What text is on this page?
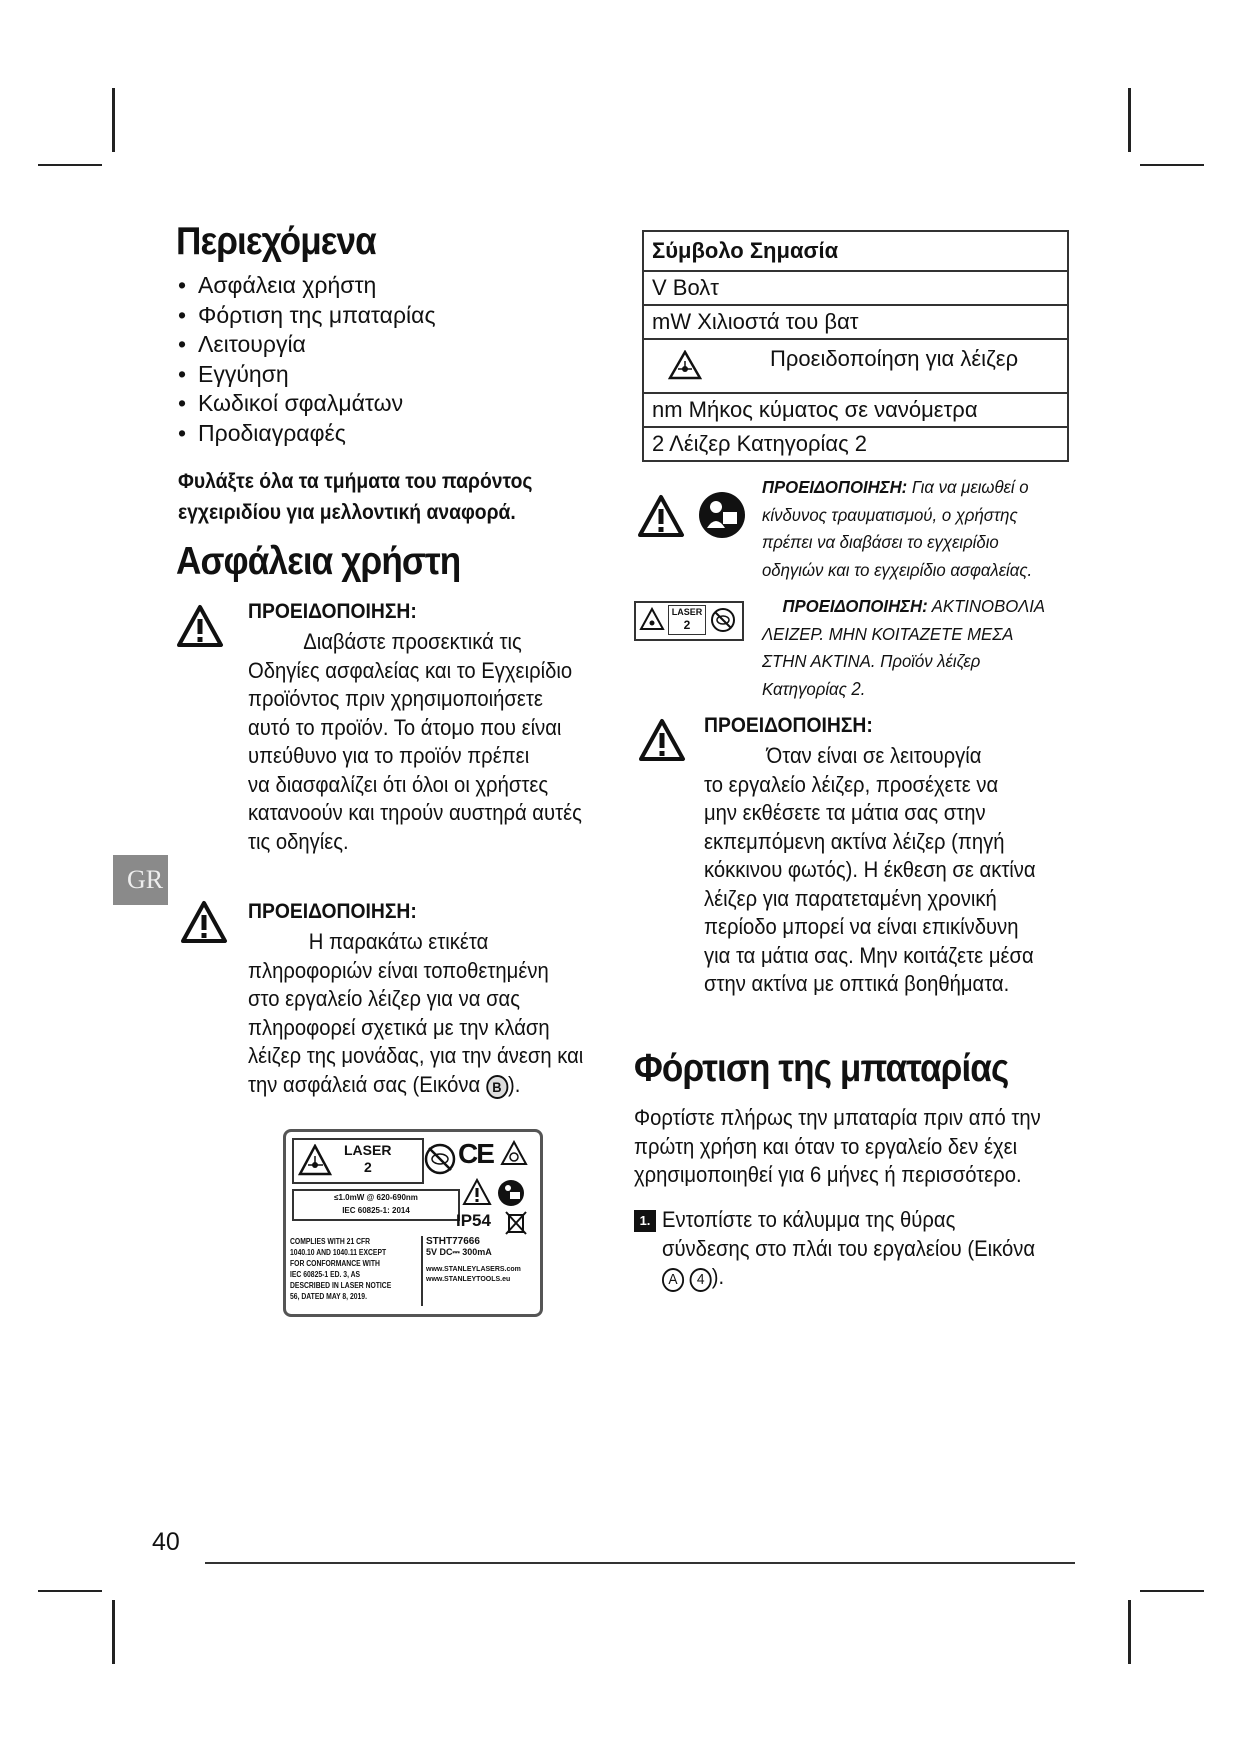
GR
Περιεχόμενα
• Ασφάλεια χρήστη
• Φόρτιση της μπαταρίας
• Λειτουργία
• Εγγύηση
• Κωδικοί σφαλμάτων
• Προδιαγραφές
Φυλάξτε όλα τα τμήματα του παρόντος
εγχειριδίου για μελλοντική αναφορά.
Ασφάλεια χρήστη
ΠΡΟΕΙΔΟΠΟΙΗΣΗ:
Διαβάστε προσεκτικά τις
Οδηγίες ασφαλείας και το Εγχειρίδιο
προϊόντος πριν χρησιμοποιήσετε
αυτό το προϊόν. Το άτομο που είναι
υπεύθυνο για το προϊόν πρέπει
να διασφαλίζει ότι όλοι οι χρήστες
κατανοούν και τηρούν αυστηρά αυτές
τις οδηγίες.
ΠΡΟΕΙΔΟΠΟΙΗΣΗ:
Η παρακάτω ετικέτα
πληροφοριών είναι τοποθετημένη
στο εργαλείο λέιζερ για να σας
πληροφορεί σχετικά με την κλάση
λέιζερ της μονάδας, για την άνεση και
την ασφάλειά σας (Εικόνα B ).
LASER
2	CE
≤1.0mW @ 620-690nm
IEC 60825-1: 2014
IP54
COMPLIES WITH 21 CFR
1040.10 AND 1040.11 EXCEPT
FOR CONFORMANCE WITH
IEC 60825-1 ED. 3, AS
DESCRIBED IN LASER NOTICE
56, DATED MAY 8, 2019.
STHT77666
5V DC⎓ 300mA
www.STANLEYLASERS.com
www.STANLEYTOOLS.eu
Σύμβολο Σημασία
V Βολτ
mW Χιλιοστά του βατ

Προειδοποίηση για λέιζερ

nm Μήκος κύματος σε νανόμετρα
2 Λέιζερ Κατηγορίας 2
ΠΡΟΕΙΔΟΠΟΙΗΣΗ: Για να μειωθεί ο
κίνδυνος τραυματισμού, ο χρήστης
πρέπει να διαβάσει το εγχειρίδιο
οδηγιών και το εγχειρίδιο ασφαλείας.
LASER
2
ΠΡΟΕΙΔΟΠΟΙΗΣΗ: ΑΚΤΙΝΟΒΟΛΙΑ
ΛΕΙΖΕΡ. ΜΗΝ ΚΟΙΤΑΖΕΤΕ ΜΕΣΑ
ΣΤΗΝ ΑΚΤΙΝΑ. Προϊόν λέιζερ
Κατηγορίας 2.
ΠΡΟΕΙΔΟΠΟΙΗΣΗ:
Όταν είναι σε λειτουργία
το εργαλείο λέιζερ, προσέχετε να
μην εκθέσετε τα μάτια σας στην
εκπεμπόμενη ακτίνα λέιζερ (πηγή
κόκκινου φωτός). Η έκθεση σε ακτίνα
λέιζερ για παρατεταμένη χρονική
περίοδο μπορεί να είναι επικίνδυνη
για τα μάτια σας. Μην κοιτάζετε μέσα
στην ακτίνα με οπτικά βοηθήματα.
Φόρτιση της μπαταρίας
Φορτίστε πλήρως την μπαταρία πριν από την
πρώτη χρήση και όταν το εργαλείο δεν έχει
χρησιμοποιηθεί για 6 μήνες ή περισσότερο.
1. Εντοπίστε το κάλυμμα της θύρας
σύνδεσης στο πλάι του εργαλείου (Εικόνα
A 4 ).
40
